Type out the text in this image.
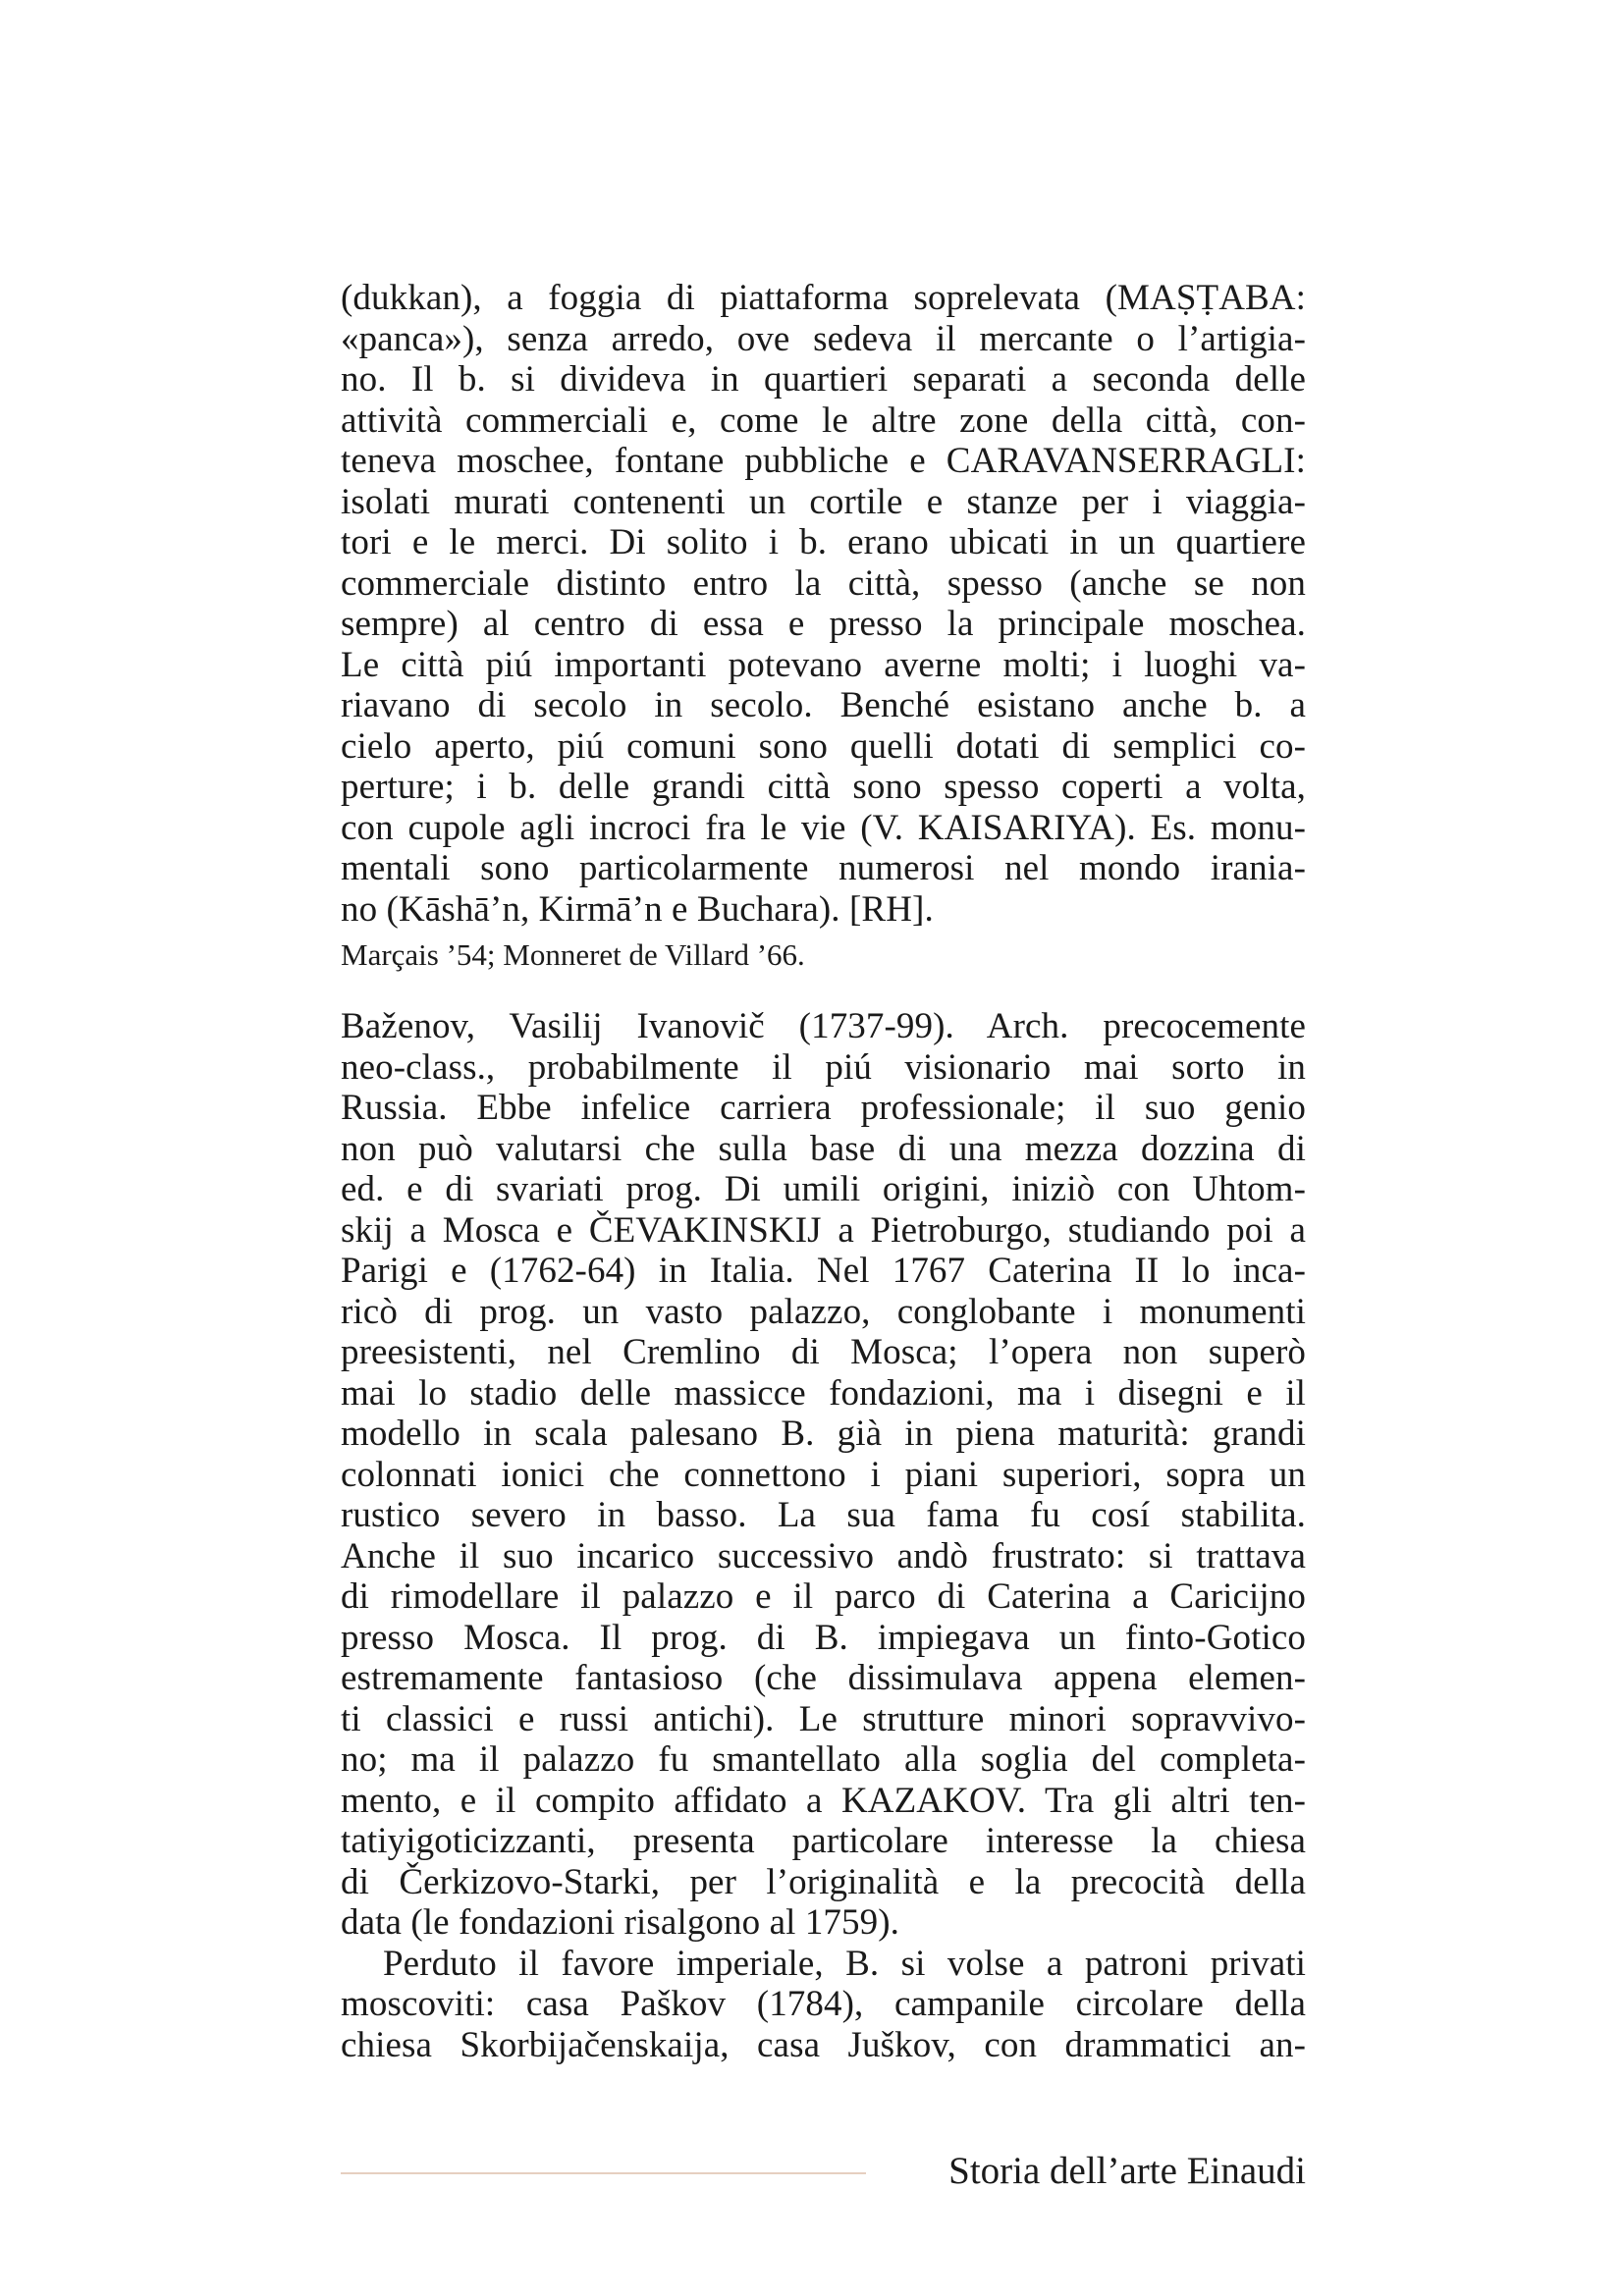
(dukkan), a foggia di piattaforma soprelevata (MAṢṬABA:
«panca»), senza arredo, ove sedeva il mercante o l’artigia-
no. Il b. si divideva in quartieri separati a seconda delle
attività commerciali e, come le altre zone della città, con-
teneva moschee, fontane pubbliche e CARAVANSERRAGLI:
isolati murati contenenti un cortile e stanze per i viaggia-
tori e le merci. Di solito i b. erano ubicati in un quartiere
commerciale distinto entro la città, spesso (anche se non
sempre) al centro di essa e presso la principale moschea.
Le città piú importanti potevano averne molti; i luoghi va-
riavano di secolo in secolo. Benché esistano anche b. a
cielo aperto, piú comuni sono quelli dotati di semplici co-
perture; i b. delle grandi città sono spesso coperti a volta,
con cupole agli incroci fra le vie (V. KAISARIYA). Es. monu-
mentali sono particolarmente numerosi nel mondo irania-
no (Kāshā’n, Kirmā’n e Buchara). [RH].
Marçais ’54; Monneret de Villard ’66.
Baženov, Vasilij Ivanovič (1737-99). Arch. precocemente
neo-class., probabilmente il piú visionario mai sorto in
Russia. Ebbe infelice carriera professionale; il suo genio
non può valutarsi che sulla base di una mezza dozzina di
ed. e di svariati prog. Di umili origini, iniziò con Uhtom-
skij a Mosca e ČEVAKINSKIJ a Pietroburgo, studiando poi a
Parigi e (1762-64) in Italia. Nel 1767 Caterina II lo inca-
ricò di prog. un vasto palazzo, conglobante i monumenti
preesistenti, nel Cremlino di Mosca; l’opera non superò
mai lo stadio delle massicce fondazioni, ma i disegni e il
modello in scala palesano B. già in piena maturità: grandi
colonnati ionici che connettono i piani superiori, sopra un
rustico severo in basso. La sua fama fu cosí stabilita.
Anche il suo incarico successivo andò frustrato: si trattava
di rimodellare il palazzo e il parco di Caterina a Caricijno
presso Mosca. Il prog. di B. impiegava un finto-Gotico
estremamente fantasioso (che dissimulava appena elemen-
ti classici e russi antichi). Le strutture minori sopravvivo-
no; ma il palazzo fu smantellato alla soglia del completa-
mento, e il compito affidato a KAZAKOV. Tra gli altri ten-
tatiyigoticizzanti, presenta particolare interesse la chiesa
di Čerkizovo-Starki, per l’originalità e la precocità della
data (le fondazioni risalgono al 1759).
Perduto il favore imperiale, B. si volse a patroni privati
moscoviti: casa Paškov (1784), campanile circolare della
chiesa Skorbijačenskaija, casa Juškov, con drammatici an-
Storia dell’arte Einaudi
